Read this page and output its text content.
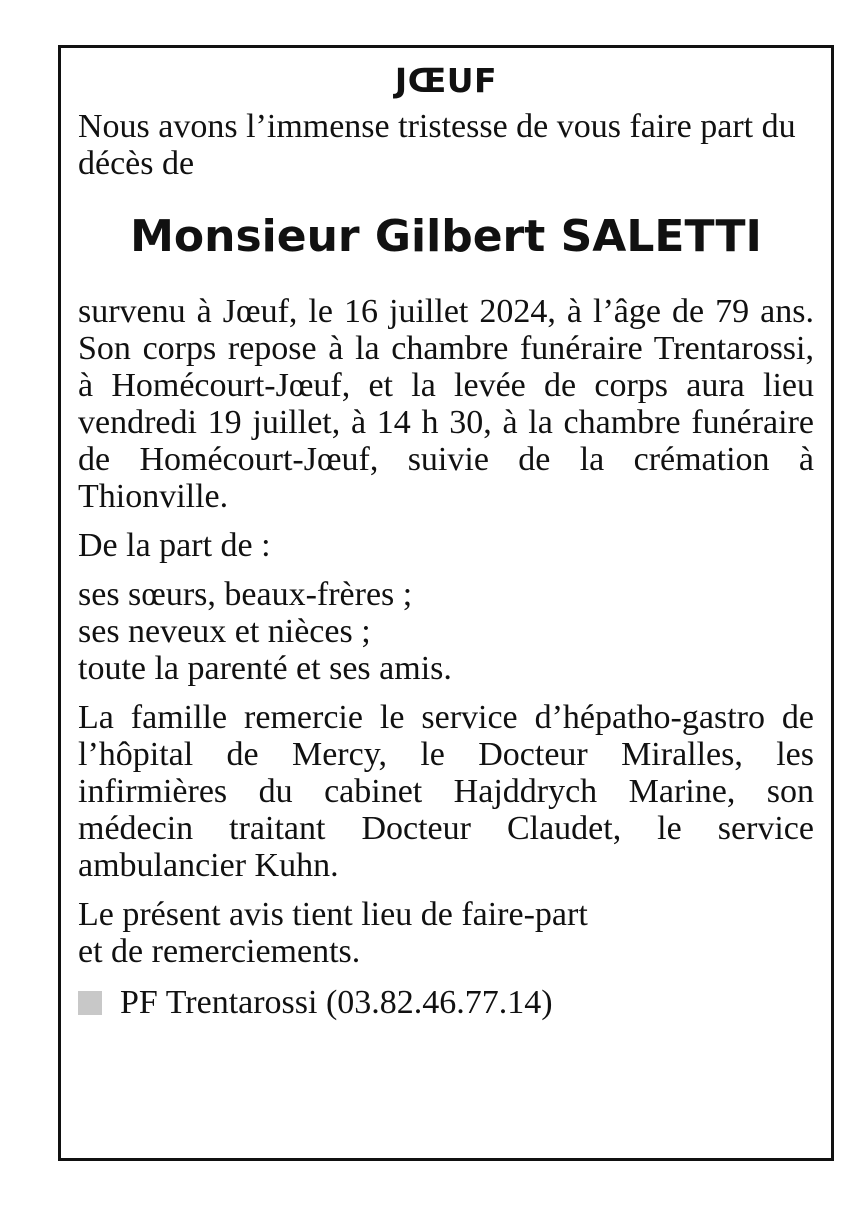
JŒUF

Nous avons l’immense tristesse de vous faire part du décès de

Monsieur Gilbert SALETTI

survenu à Jœuf, le 16 juillet 2024, à l’âge de 79 ans. Son corps repose à la chambre funéraire Trentarossi, à Homécourt-Jœuf, et la levée de corps aura lieu vendredi 19 juillet, à 14 h 30, à la chambre funéraire de Homécourt-Jœuf, suivie de la crémation à Thionville.

De la part de :

ses sœurs, beaux-frères ;
ses neveux et nièces ;
toute la parenté et ses amis.

La famille remercie le service d’hépatho-gastro de l’hôpital de Mercy, le Docteur Miralles, les infirmières du cabinet Hajddrych Marine, son médecin traitant Docteur Claudet, le service ambulancier Kuhn.

Le présent avis tient lieu de faire-part
et de remerciements.
PF Trentarossi (03.82.46.77.14)
